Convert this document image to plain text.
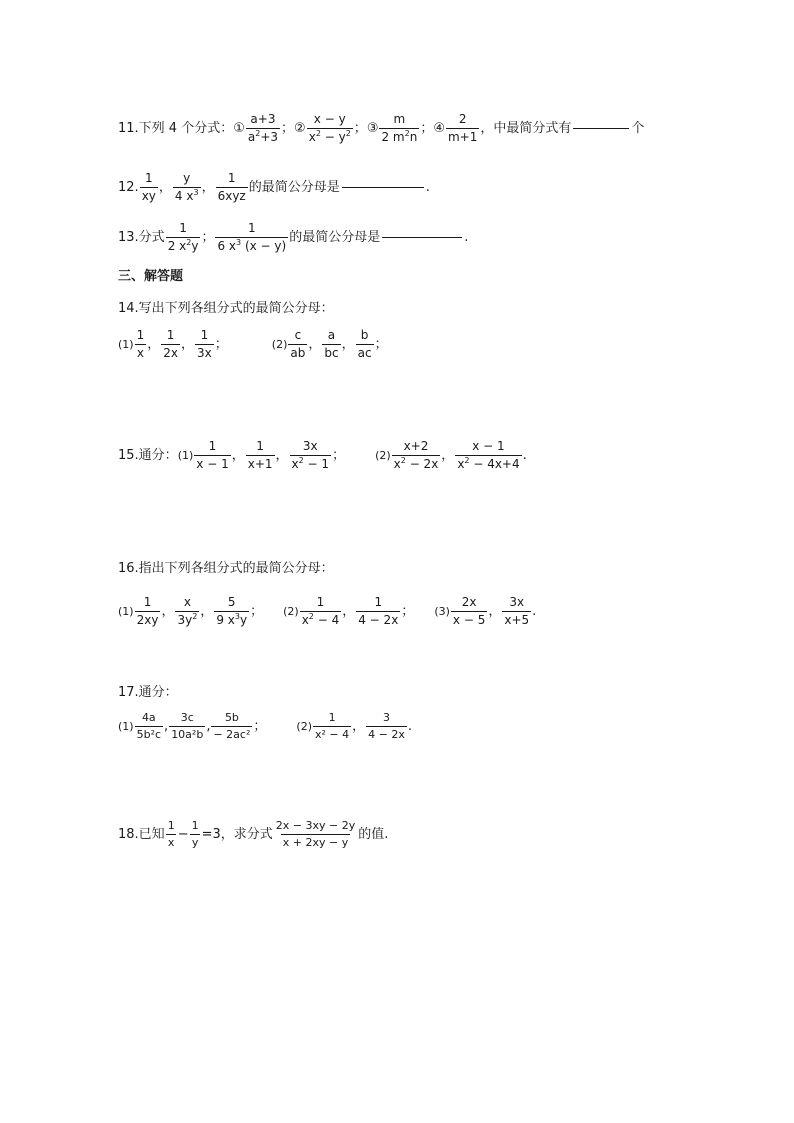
11.下列 4 个分式： ① $\frac{a+3}{a^2+3}$ ； ② $\frac{x - y}{x^2 - y^2}$ ； ③ $\frac{m}{2 m^2n}$ ； ④ $\frac{2}{m+1}$ ，中最简分式有	个
12. $\frac{1}{xy}$ ， $\frac{y}{4 x^3}$ ， $\frac{1}{\text{6xyz}}$ 的最简公分母是	.
13.分式 $\frac{1}{2 x^2y}$ ； $\frac{1}{6 x^3 (x - y)}$ 的最简公分母是	.
三、解答题
14.写出下列各组分式的最简公分母：
$(1) \frac{1}{x}$ ， $\frac{1}{2x}$ ， $\frac{1}{3x}$ ；	$(2) \frac{c}{ab}$ ， $\frac{a}{bc}$ ， $\frac{b}{ac}$ ；
15.通分： $(1) \frac{1}{x - 1}$ ， $\frac{1}{x+1}$ ， $\frac{3x}{x^2 - 1}$ ；	$(2) \frac{x+2}{x^2 - 2x}$ ， $\frac{x - 1}{x^2 - 4x+4}$ .
16.指出下列各组分式的最简公分母：
$(1) \frac{1}{2xy}$ ， $\frac{x}{3y^2}$ ， $\frac{5}{9 x^3y}$ ； $(2) \frac{1}{x^2 - 4}$ ， $\frac{1}{4 - 2x}$ ； $(3) \frac{2x}{x - 5}$ ， $\frac{3x}{x+5}$ .
17.通分：
$(1) \frac{4a}{\text{5b²c}}$ , $\frac{3c}{\text{10a²b}}$ , $\frac{5b}{\text{− 2ac²}}$ ；	$(2) \frac{1}{\text{x² − 4}}$ ， $\frac{3}{4 - 2x}$ .
18.已知 $\frac{1}{x} - \frac{1}{y} =3$，求分式 $\frac{2x - 3xy - 2y}{x + 2xy - y}$ 的值.
